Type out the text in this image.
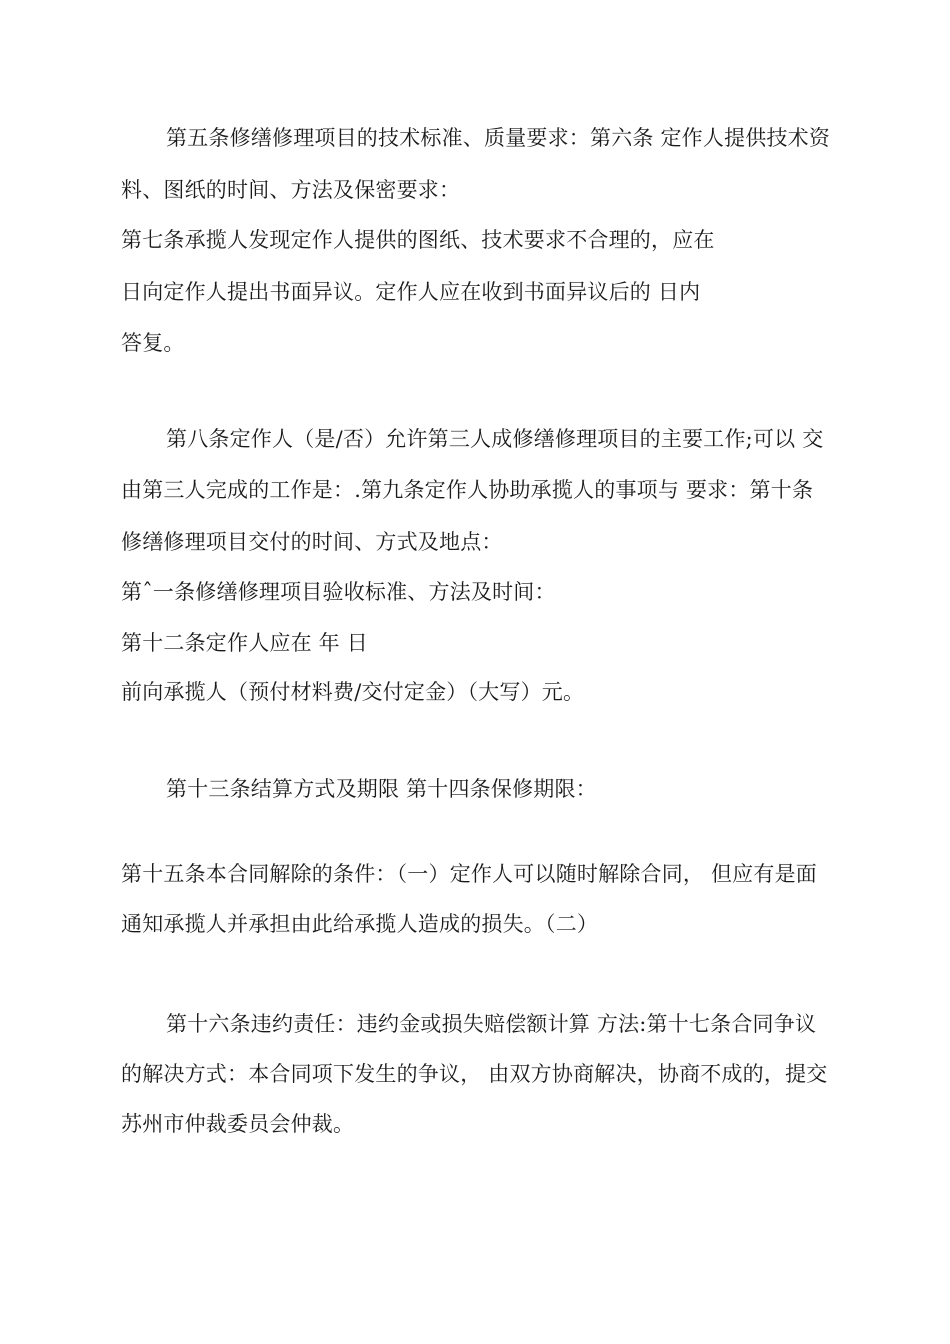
第五条修缮修理项目的技术标准、质量要求：第六条 定作人提供技术资
料、图纸的时间、方法及保密要求：
第七条承揽人发现定作人提供的图纸、技术要求不合理的，应在
日向定作人提出书面异议。定作人应在收到书面异议后的 日内
答复。
第八条定作人（是/否）允许第三人成修缮修理项目的主要工作;可以 交
由第三人完成的工作是：.第九条定作人协助承揽人的事项与 要求：第十条
修缮修理项目交付的时间、方式及地点：
第ˆ一条修缮修理项目验收标准、方法及时间：
第十二条定作人应在 年 日
前向承揽人（预付材料费/交付定金）（大写）元。
第十三条结算方式及期限 第十四条保修期限：
第十五条本合同解除的条件：（一）定作人可以随时解除合同， 但应有是面
通知承揽人并承担由此给承揽人造成的损失。（二）
第十六条违约责任：违约金或损失赔偿额计算 方法:第十七条合同争议
的解决方式：本合同项下发生的争议， 由双方协商解决，协商不成的，提交
苏州市仲裁委员会仲裁。
